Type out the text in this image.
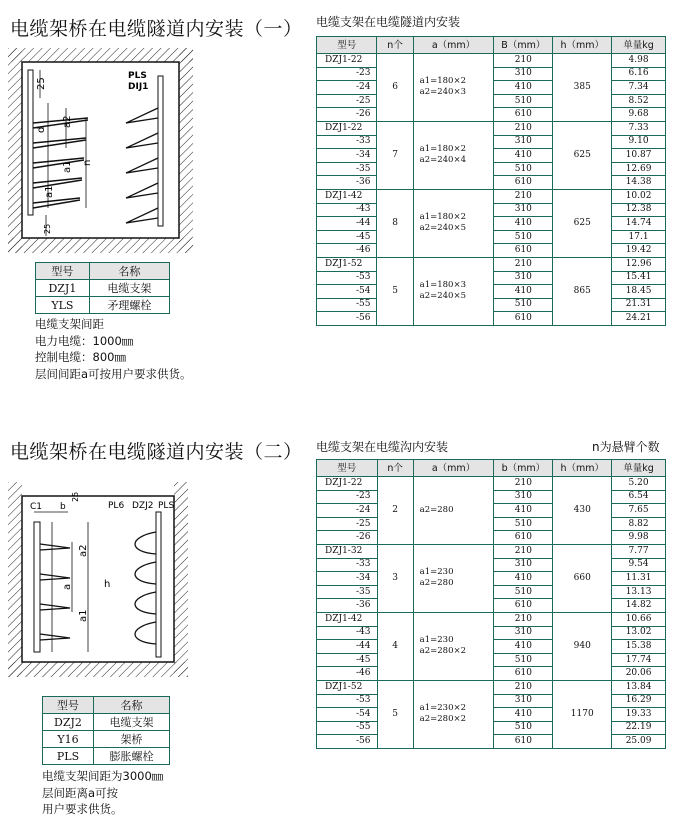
电缆架桥在电缆隧道内安装（一） 电缆支架在电缆隧道内安装
25
d
a2
a1
a1
n
25
PLS
DIJ1
型号	名称
DZJ1	电缆支架
YLS	矛理螺栓
电缆支架间距
电力电缆：1000㎜
控制电缆：800㎜
层间间距a可按用户要求供货。
型号	n个	a（mm）	B（mm）	h（mm）	单量kg
DZJ1-22	6	a1=180×2
a2=240×3	210	385	4.98
-23			310		6.16
-24			410		7.34
-25			510		8.52
-26			610		9.68
DZJ1-22	7	a1=180×2
a2=240×4	210	625	7.33
-33			310		9.10
-34			410		10.87
-35			510		12.69
-36			610		14.38
DZJ1-42	8	a1=180×2
a2=240×5	210	625	10.02
-43			310		12.38
-44			410		14.74
-45			510		17.1
-46			610		19.42
DZJ1-52	5	a1=180×3
a2=240×5	210	865	12.96
-53			310		15.41
-54			410		18.45
-55			510		21.31
-56			610		24.21
电缆架桥在电缆隧道内安装（二） 电缆支架在电缆沟内安装	n为悬臂个数
C1 b	PL6 DZJ2 PLS
25
a2
h
a
a1
型号	名称
DZJ2	电缆支架
Y16	架桥
PLS	膨胀螺栓
电缆支架间距为3000㎜
层间距离a可按
用户要求供货。
型号	n个	a（mm）	b（mm）	h（mm）	单量kg
DZJ1-22	2	a2=280	210	430	5.20
-23			310		6.54
-24			410		7.65
-25			510		8.82
-26			610		9.98
DZJ1-32	3	a1=230
a2=280	210	660	7.77
-33			310		9.54
-34			410		11.31
-35			510		13.13
-36			610		14.82
DZJ1-42	4	a1=230
a2=280×2	210	940	10.66
-43			310		13.02
-44			410		15.38
-45			510		17.74
-46			610		20.06
DZJ1-52	5	a1=230×2
a2=280×2	210	1170	13.84
-53			310		16.29
-54			410		19.33
-55			510		22.19
-56			610		25.09
